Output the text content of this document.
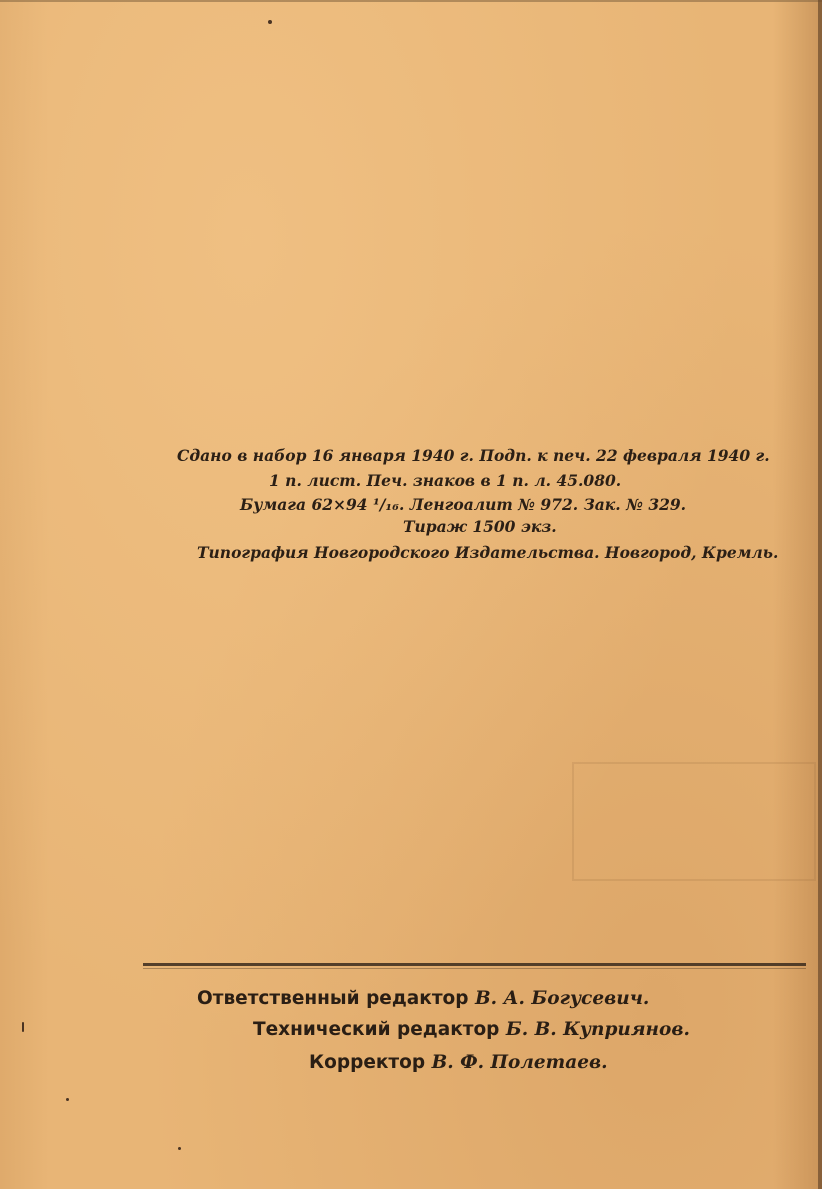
Сдано в набор 16 января 1940 г. Подп. к печ. 22 февраля 1940 г.
1 п. лист. Печ. знаков в 1 п. л. 45.080.
Бумага 62×94 ¹/₁₆. Ленгоалит № 972. Зак. № 329.
Тираж 1500 экз.
Типография Новгородского Издательства. Новгород, Кремль.
Ответственный редактор В. А. Богусевич.
Технический редактор Б. В. Куприянов.
Корректор В. Ф. Полетаев.
